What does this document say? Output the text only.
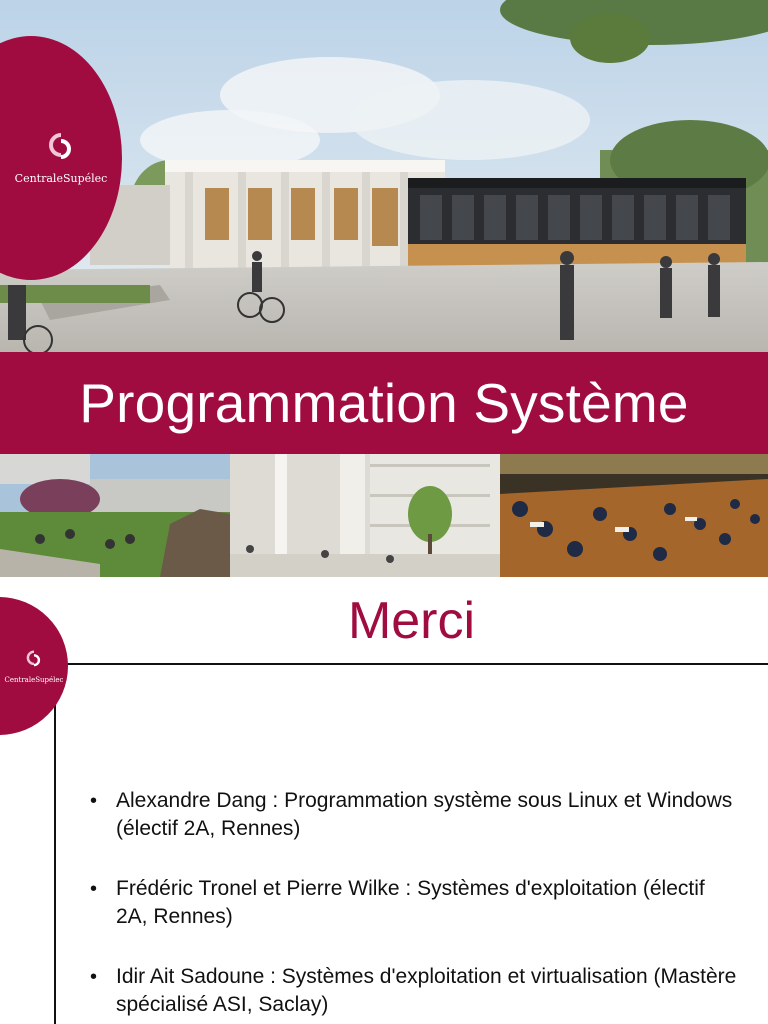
Programmation Système
CentraleSupélec
Merci
CentraleSupélec
• Alexandre Dang : Programmation système sous Linux et Windows (électif 2A, Rennes)
• Frédéric Tronel et Pierre Wilke : Systèmes d'exploitation (électif 2A, Rennes)
• Idir Ait Sadoune : Systèmes d'exploitation et virtualisation (Mastère spécialisé ASI, Saclay)
